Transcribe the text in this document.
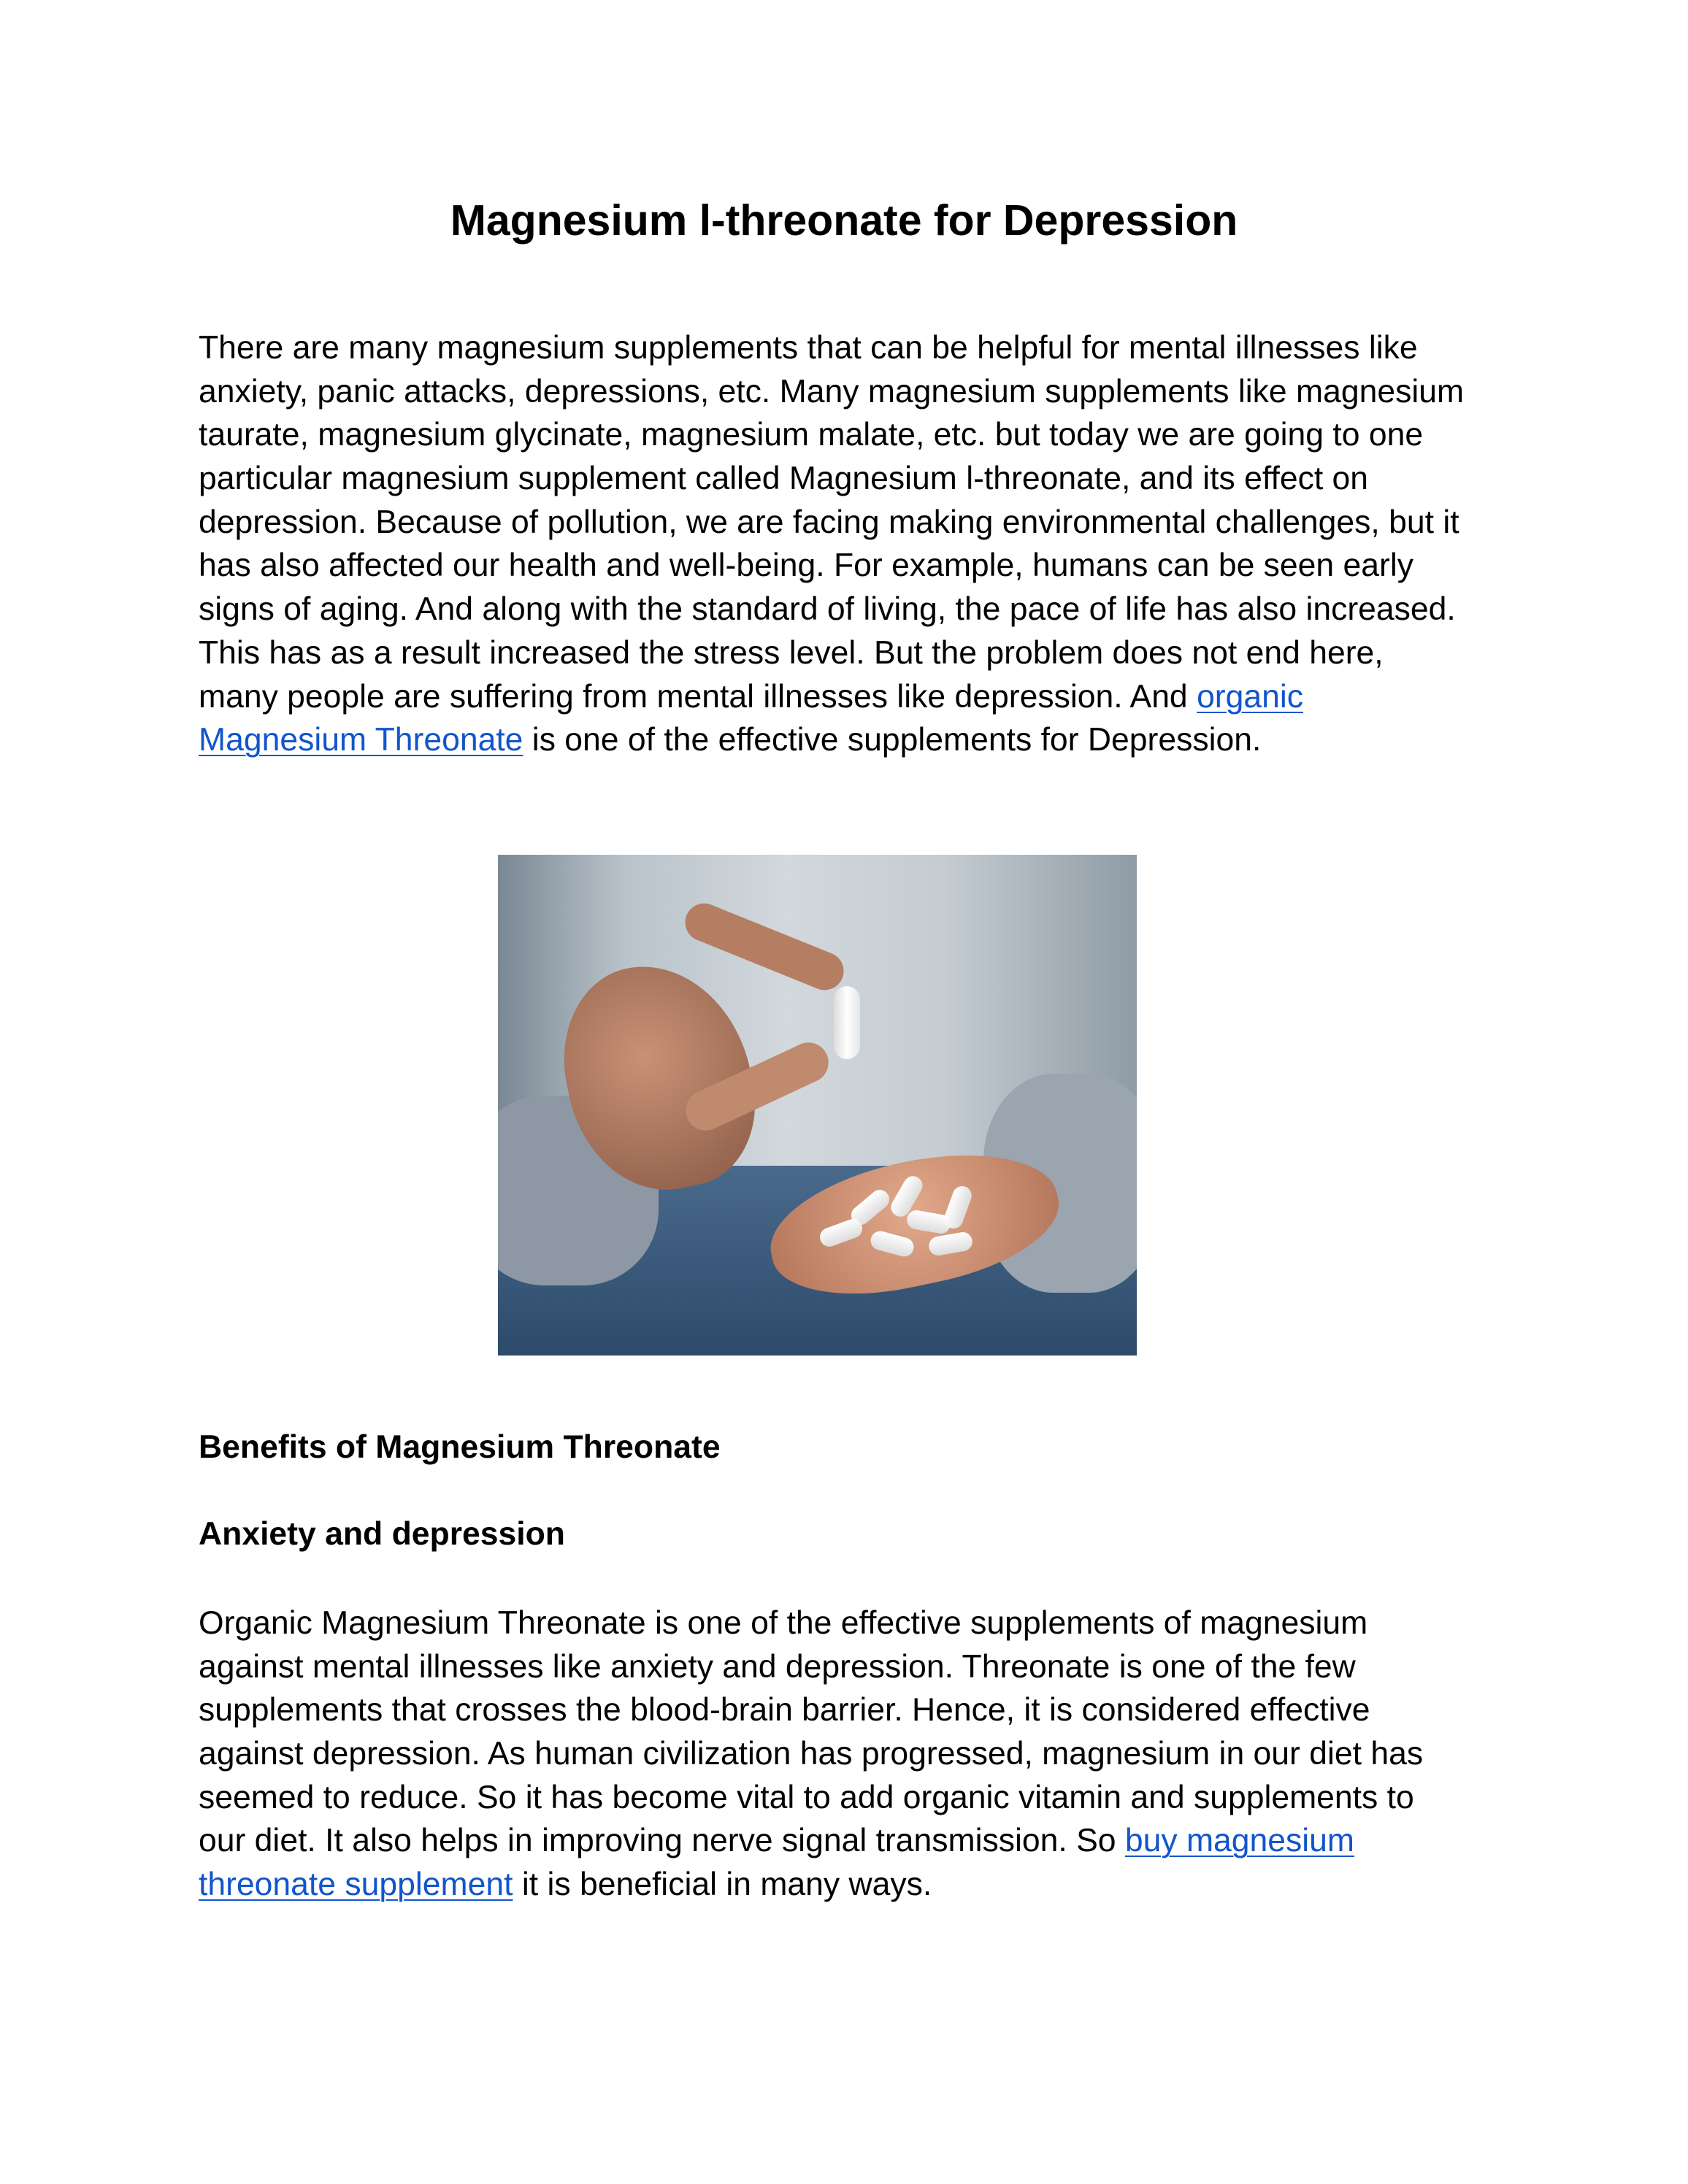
Magnesium l-threonate for Depression
There are many magnesium supplements that can be helpful for mental illnesses like
anxiety, panic attacks, depressions, etc. Many magnesium supplements like magnesium
taurate, magnesium glycinate, magnesium malate, etc. but today we are going to one
particular magnesium supplement called Magnesium l-threonate, and its effect on
depression. Because of pollution, we are facing making environmental challenges, but it
has also affected our health and well-being. For example, humans can be seen early
signs of aging. And along with the standard of living, the pace of life has also increased.
This has as a result increased the stress level. But the problem does not end here,
many people are suffering from mental illnesses like depression. And organic
Magnesium Threonate is one of the effective supplements for Depression.
Benefits of Magnesium Threonate
Anxiety and depression
Organic Magnesium Threonate is one of the effective supplements of magnesium
against mental illnesses like anxiety and depression. Threonate is one of the few
supplements that crosses the blood-brain barrier. Hence, it is considered effective
against depression. As human civilization has progressed, magnesium in our diet has
seemed to reduce. So it has become vital to add organic vitamin and supplements to
our diet. It also helps in improving nerve signal transmission. So buy magnesium
threonate supplement it is beneficial in many ways.
